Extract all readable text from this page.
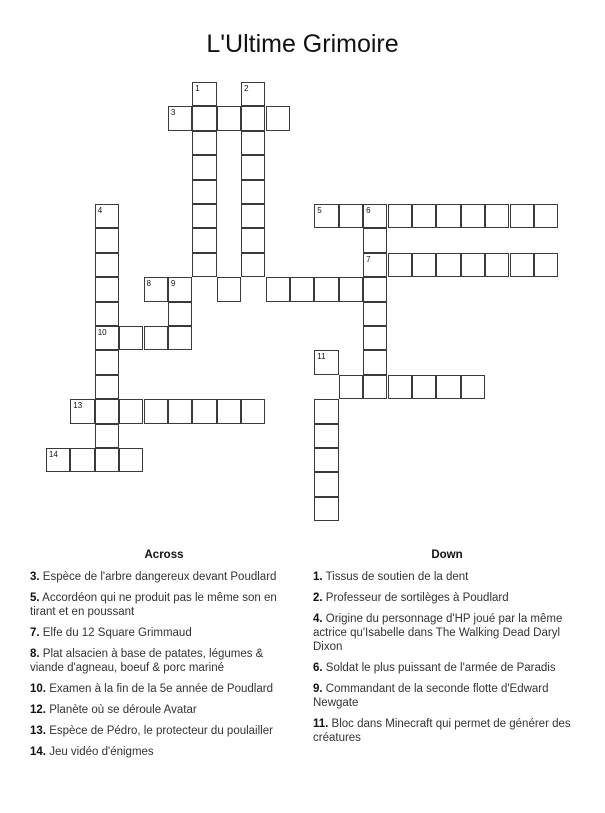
L'Ultime Grimoire
1	2
3
4
10
5	6
7
8 9
11
13
14
Across
3. Espèce de l'arbre dangereux devant Poudlard
5. Accordéon qui ne produit pas le même son en tirant et en poussant
7. Elfe du 12 Square Grimmaud
8. Plat alsacien à base de patates, légumes & viande d'agneau, boeuf & porc mariné
10. Examen à la fin de la 5e année de Poudlard
12. Planète où se déroule Avatar
13. Espèce de Pédro, le protecteur du poulailler
14. Jeu vidéo d'énigmes
Down
1. Tissus de soutien de la dent
2. Professeur de sortilèges à Poudlard
4. Origine du personnage d'HP joué par la même actrice qu'Isabelle dans The Walking Dead Daryl Dixon
6. Soldat le plus puissant de l'armée de Paradis
9. Commandant de la seconde flotte d'Edward Newgate
11. Bloc dans Minecraft qui permet de générer des créatures
